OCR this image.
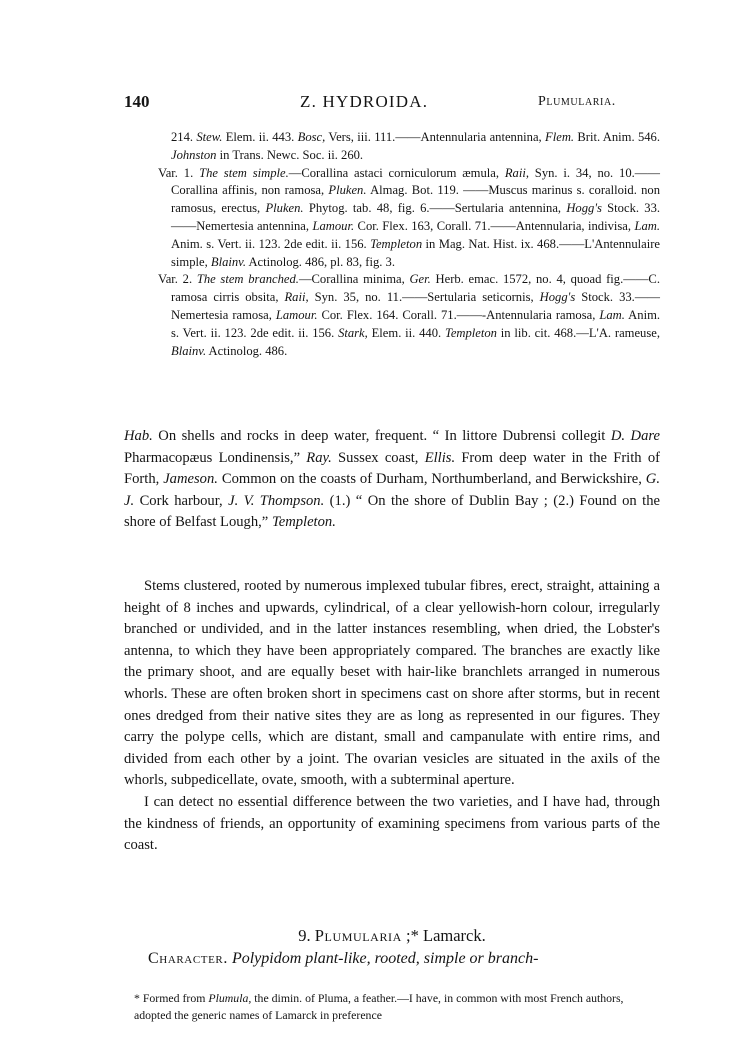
140	Z. HYDROIDA.	Plumularia.

214. Stew. Elem. ii. 443. Bosc, Vers, iii. 111.——Antennularia antennina, Flem. Brit. Anim. 546. Johnston in Trans. Newc. Soc. ii. 260.

Var. 1. The stem simple.—Corallina astaci corniculorum æmula, Raii, Syn. i. 34, no. 10.——Corallina affinis, non ramosa, Pluken. Almag. Bot. 119. ——Muscus marinus s. coralloid. non ramosus, erectus, Pluken. Phytog. tab. 48, fig. 6.——Sertularia antennina, Hogg's Stock. 33.——Nemertesia antennina, Lamour. Cor. Flex. 163, Corall. 71.——Antennularia, indivisa, Lam. Anim. s. Vert. ii. 123. 2de edit. ii. 156. Templeton in Mag. Nat. Hist. ix. 468.——L'Antennulaire simple, Blainv. Actinolog. 486, pl. 83, fig. 3.

Var. 2. The stem branched.—Corallina minima, Ger. Herb. emac. 1572, no. 4, quoad fig.——C. ramosa cirris obsita, Raii, Syn. 35, no. 11.——Sertularia seticornis, Hogg's Stock. 33.——Nemertesia ramosa, Lamour. Cor. Flex. 164. Corall. 71.——-Antennularia ramosa, Lam. Anim. s. Vert. ii. 123. 2de edit. ii. 156. Stark, Elem. ii. 440. Templeton in lib. cit. 468.—L'A. rameuse, Blainv. Actinolog. 486.

Hab. On shells and rocks in deep water, frequent. “ In littore Dubrensi collegit D. Dare Pharmacopæus Londinensis,” Ray. Sussex coast, Ellis. From deep water in the Frith of Forth, Jameson. Common on the coasts of Durham, Northumberland, and Berwickshire, G. J. Cork harbour, J. V. Thompson. (1.) “ On the shore of Dublin Bay ; (2.) Found on the shore of Belfast Lough,” Templeton.

Stems clustered, rooted by numerous implexed tubular fibres, erect, straight, attaining a height of 8 inches and upwards, cylindrical, of a clear yellowish-horn colour, irregularly branched or undivided, and in the latter instances resembling, when dried, the Lobster's antenna, to which they have been appropriately compared. The branches are exactly like the primary shoot, and are equally beset with hair-like branchlets arranged in numerous whorls. These are often broken short in specimens cast on shore after storms, but in recent ones dredged from their native sites they are as long as represented in our figures. They carry the polype cells, which are distant, small and campanulate with entire rims, and divided from each other by a joint. The ovarian vesicles are situated in the axils of the whorls, subpedicellate, ovate, smooth, with a subterminal aperture.

I can detect no essential difference between the two varieties, and I have had, through the kindness of friends, an opportunity of examining specimens from various parts of the coast.

9. Plumularia ;* Lamarck.
Character. Polypidom plant-like, rooted, simple or branch-

* Formed from Plumula, the dimin. of Pluma, a feather.—I have, in common with most French authors, adopted the generic names of Lamarck in preference
